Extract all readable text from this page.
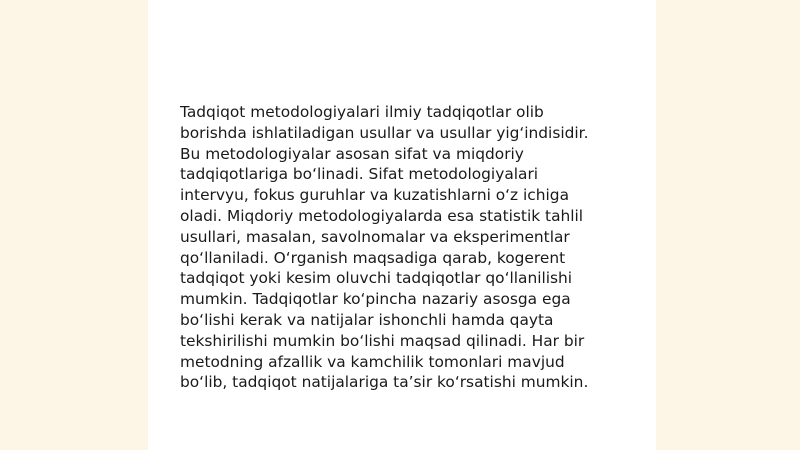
Tadqiqot metodologiyalari ilmiy tadqiqotlar olib
borishda ishlatiladigan usullar va usullar yig‘indisidir.
Bu metodologiyalar asosan sifat va miqdoriy
tadqiqotlariga bo‘linadi. Sifat metodologiyalari
intervyu, fokus guruhlar va kuzatishlarni o‘z ichiga
oladi. Miqdoriy metodologiyalarda esa statistik tahlil
usullari, masalan, savolnomalar va eksperimentlar
qo‘llaniladi. O‘rganish maqsadiga qarab, kogerent
tadqiqot yoki kesim oluvchi tadqiqotlar qo‘llanilishi
mumkin. Tadqiqotlar ko‘pincha nazariy asosga ega
bo‘lishi kerak va natijalar ishonchli hamda qayta
tekshirilishi mumkin bo‘lishi maqsad qilinadi. Har bir
metodning afzallik va kamchilik tomonlari mavjud
bo‘lib, tadqiqot natijalariga ta’sir ko‘rsatishi mumkin.
